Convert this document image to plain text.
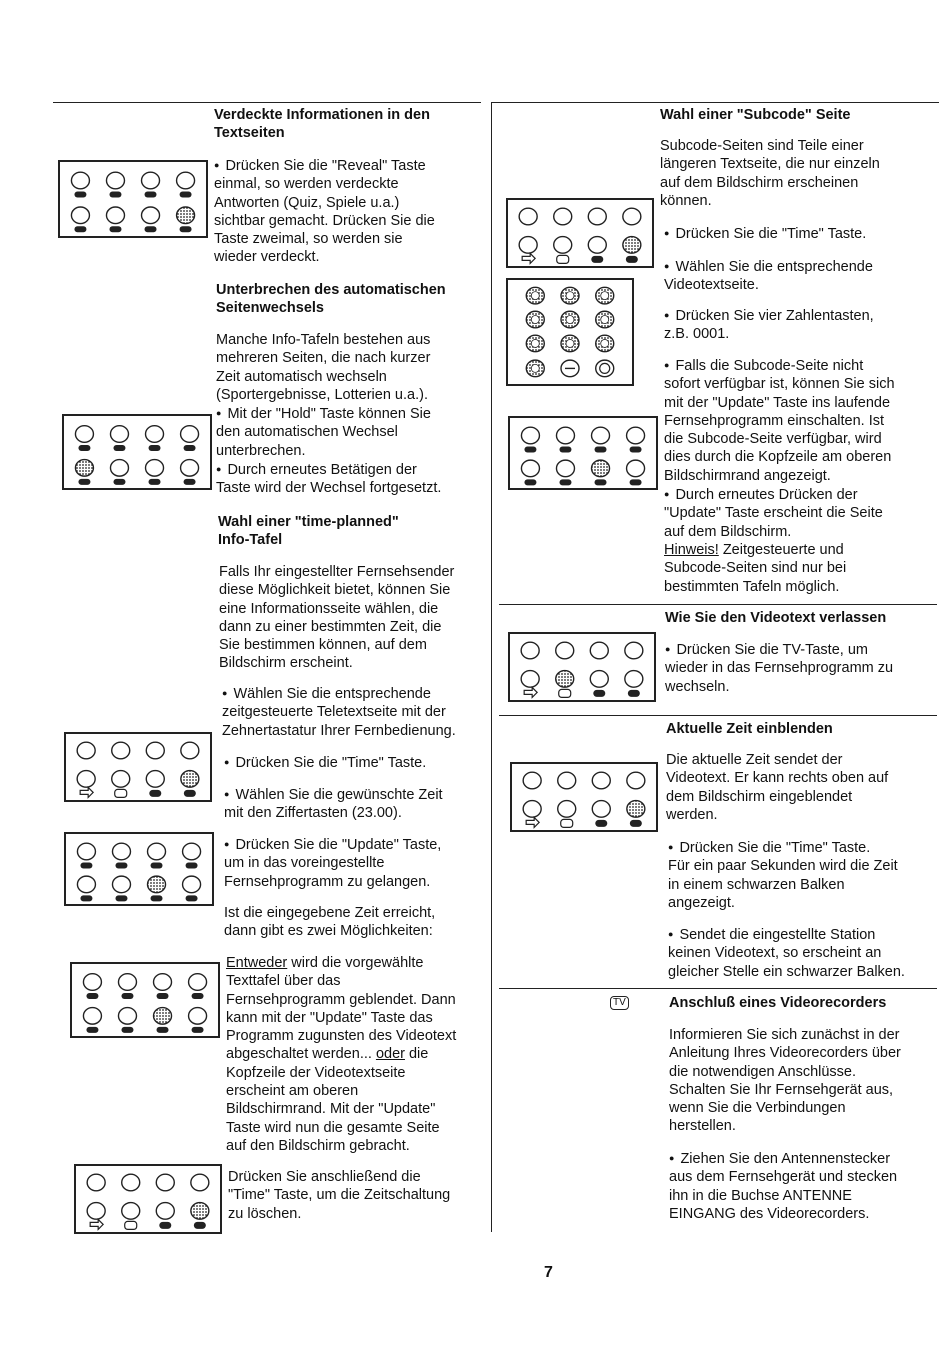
Verdeckte Informationen in den
Textseiten
● Drücken Sie die "Reveal" Taste
einmal, so werden verdeckte
Antworten (Quiz, Spiele u.a.)
sichtbar gemacht. Drücken Sie die
Taste zweimal, so werden sie
wieder verdeckt.
Unterbrechen des automatischen
Seitenwechsels
Manche Info-Tafeln bestehen aus
mehreren Seiten, die nach kurzer
Zeit automatisch wechseln
(Sportergebnisse, Lotterien u.a.).
● Mit der "Hold" Taste können Sie
den automatischen Wechsel
unterbrechen.
● Durch erneutes Betätigen der
Taste wird der Wechsel fortgesetzt.
Wahl einer "time-planned"
Info-Tafel
Falls Ihr eingestellter Fernsehsender
diese Möglichkeit bietet, können Sie
eine Informationsseite wählen, die
dann zu einer bestimmten Zeit, die
Sie bestimmen können, auf dem
Bildschirm erscheint.
● Wählen Sie die entsprechende
zeitgesteuerte Teletextseite mit der
Zehnertastatur Ihrer Fernbedienung.
● Drücken Sie die "Time" Taste.
● Wählen Sie die gewünschte Zeit
mit den Ziffertasten (23.00).
● Drücken Sie die "Update" Taste,
um in das voreingestellte
Fernsehprogramm zu gelangen.
Ist die eingegebene Zeit erreicht,
dann gibt es zwei Möglichkeiten:
Entweder wird die vorgewählte
Texttafel über das
Fernsehprogramm geblendet. Dann
kann mit der "Update" Taste das
Programm zugunsten des Videotext
abgeschaltet werden... oder die
Kopfzeile der Videotextseite
erscheint am oberen
Bildschirmrand. Mit der "Update"
Taste wird nun die gesamte Seite
auf den Bildschirm gebracht.
Drücken Sie anschließend die
"Time" Taste, um die Zeitschaltung
zu löschen.
Wahl einer "Subcode" Seite
Subcode-Seiten sind Teile einer
längeren Textseite, die nur einzeln
auf dem Bildschirm erscheinen
können.
● Drücken Sie die "Time" Taste.
● Wählen Sie die entsprechende
Videotextseite.
● Drücken Sie vier Zahlentasten,
z.B. 0001.
● Falls die Subcode-Seite nicht
sofort verfügbar ist, können Sie sich
mit der "Update" Taste ins laufende
Fernsehprogramm einschalten. Ist
die Subcode-Seite verfügbar, wird
dies durch die Kopfzeile am oberen
Bildschirmrand angezeigt.
● Durch erneutes Drücken der
"Update" Taste erscheint die Seite
auf dem Bildschirm.
Hinweis! Zeitgesteuerte und
Subcode-Seiten sind nur bei
bestimmten Tafeln möglich.
Wie Sie den Videotext verlassen
● Drücken Sie die TV-Taste, um
wieder in das Fernsehprogramm zu
wechseln.
Aktuelle Zeit einblenden
Die aktuelle Zeit sendet der
Videotext. Er kann rechts oben auf
dem Bildschirm eingeblendet
werden.
● Drücken Sie die "Time" Taste.
Für ein paar Sekunden wird die Zeit
in einem schwarzen Balken
angezeigt.
● Sendet die eingestellte Station
keinen Videotext, so erscheint an
gleicher Stelle ein schwarzer Balken.
TV	Anschluß eines Videorecorders
Informieren Sie sich zunächst in der
Anleitung Ihres Videorecorders über
die notwendigen Anschlüsse.
Schalten Sie Ihr Fernsehgerät aus,
wenn Sie die Verbindungen
herstellen.
● Ziehen Sie den Antennenstecker
aus dem Fernsehgerät und stecken
ihn in die Buchse ANTENNE
EINGANG des Videorecorders.
7
